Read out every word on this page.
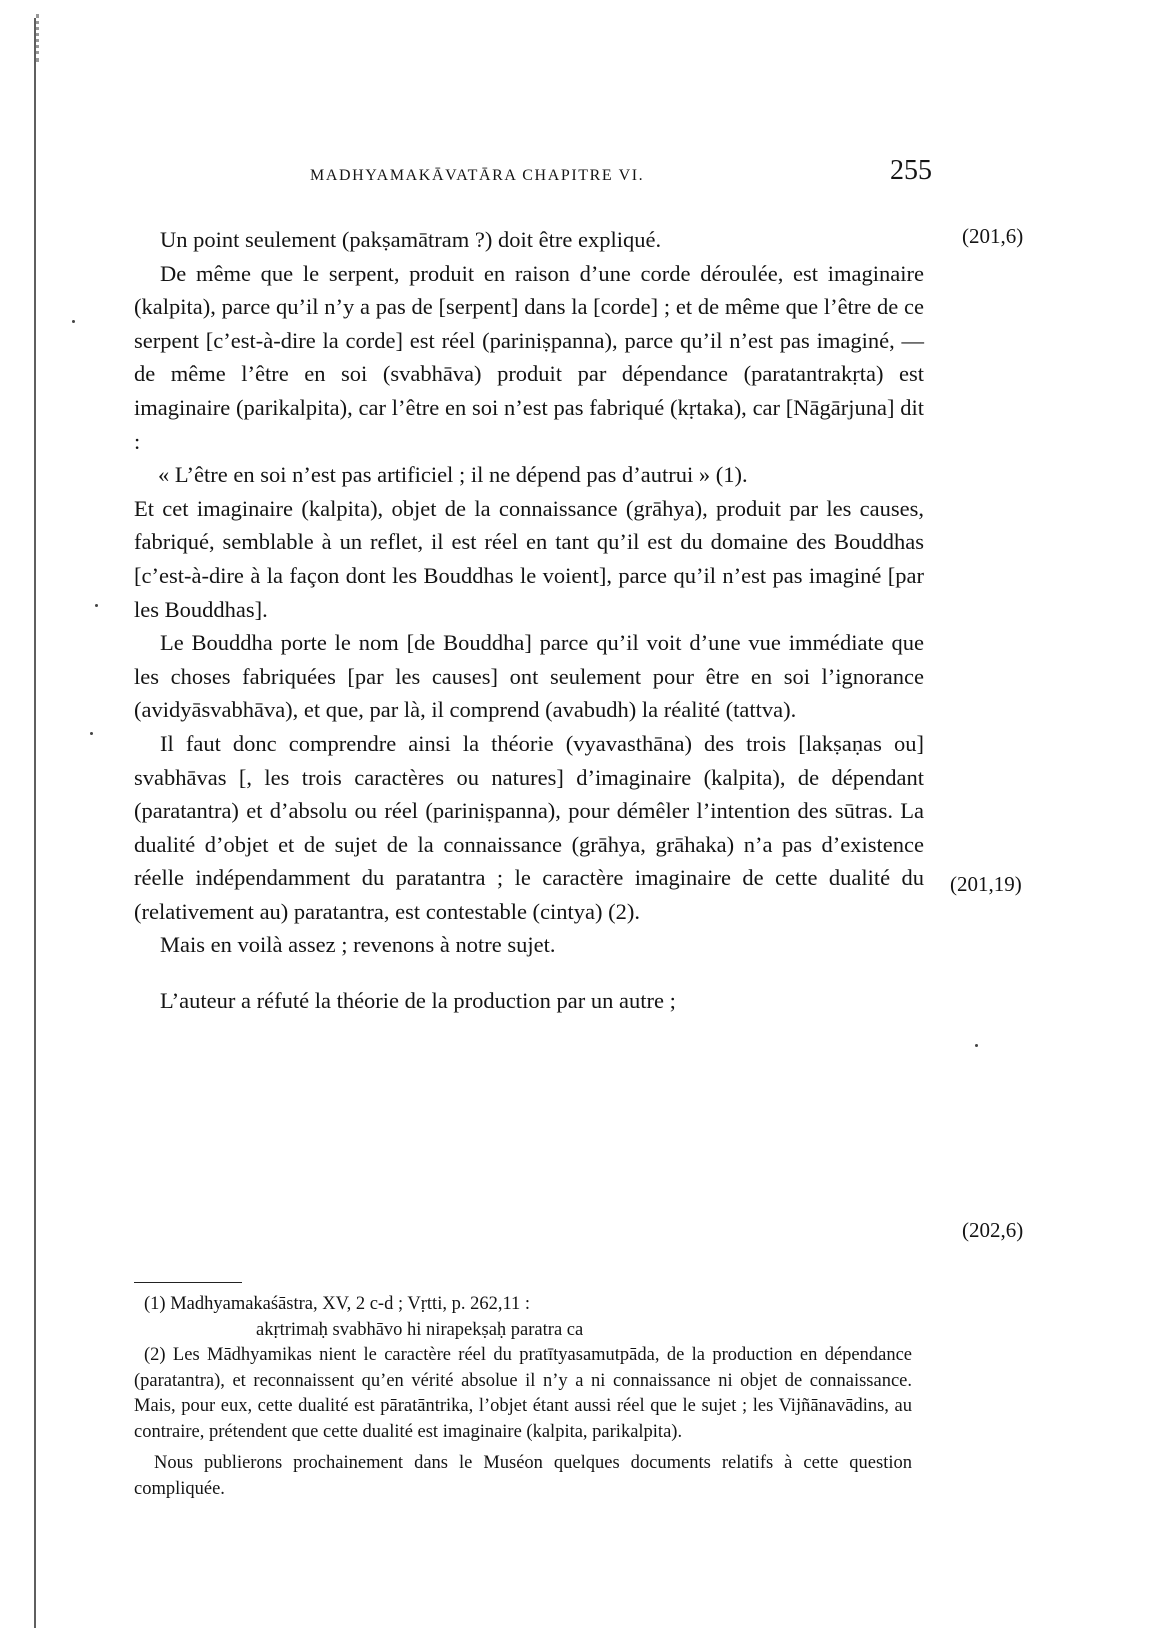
MADHYAMAKĀVATĀRA CHAPITRE VI.	255

Un point seulement (pakṣamātram ?) doit être expliqué.

De même que le serpent, produit en raison d’une corde déroulée, est imaginaire (kalpita), parce qu’il n’y a pas de [serpent] dans la [corde] ; et de même que l’être de ce serpent [c’est-à-dire la corde] est réel (pariniṣpanna), parce qu’il n’est pas imaginé, — de même l’être en soi (svabhāva) produit par dépendance (paratantrakṛta) est imaginaire (parikalpita), car l’être en soi n’est pas fabriqué (kṛtaka), car [Nāgārjuna] dit :

« L’être en soi n’est pas artificiel ; il ne dépend pas d’autrui » (1).

Et cet imaginaire (kalpita), objet de la connaissance (grāhya), produit par les causes, fabriqué, semblable à un reflet, il est réel en tant qu’il est du domaine des Bouddhas [c’est-à-dire à la façon dont les Bouddhas le voient], parce qu’il n’est pas imaginé [par les Bouddhas].

Le Bouddha porte le nom [de Bouddha] parce qu’il voit d’une vue immédiate que les choses fabriquées [par les causes] ont seulement pour être en soi l’ignorance (avidyāsvabhāva), et que, par là, il comprend (avabudh) la réalité (tattva).

Il faut donc comprendre ainsi la théorie (vyavasthāna) des trois [lakṣaṇas ou] svabhāvas [, les trois caractères ou natures] d’imaginaire (kalpita), de dépendant (paratantra) et d’absolu ou réel (pariniṣpanna), pour démêler l’intention des sūtras. La dualité d’objet et de sujet de la connaissance (grāhya, grāhaka) n’a pas d’existence réelle indépendamment du paratantra ; le caractère imaginaire de cette dualité du (relativement au) paratantra, est contestable (cintya) (2).

Mais en voilà assez ; revenons à notre sujet.

L’auteur a réfuté la théorie de la production par un autre ;

(201,6)
(201,19)
(202,6)

(1) Madhyamakaśāstra, XV, 2 c-d ; Vṛtti, p. 262,11 :

akṛtrimaḥ svabhāvo hi nirapekṣaḥ paratra ca

(2) Les Mādhyamikas nient le caractère réel du pratītyasamutpāda, de la production en dépendance (paratantra), et reconnaissent qu’en vérité absolue il n’y a ni connaissance ni objet de connaissance. Mais, pour eux, cette dualité est pāratāntrika, l’objet étant aussi réel que le sujet ; les Vijñānavādins, au contraire, prétendent que cette dualité est imaginaire (kalpita, parikalpita).

Nous publierons prochainement dans le Muséon quelques documents relatifs à cette question compliquée.
